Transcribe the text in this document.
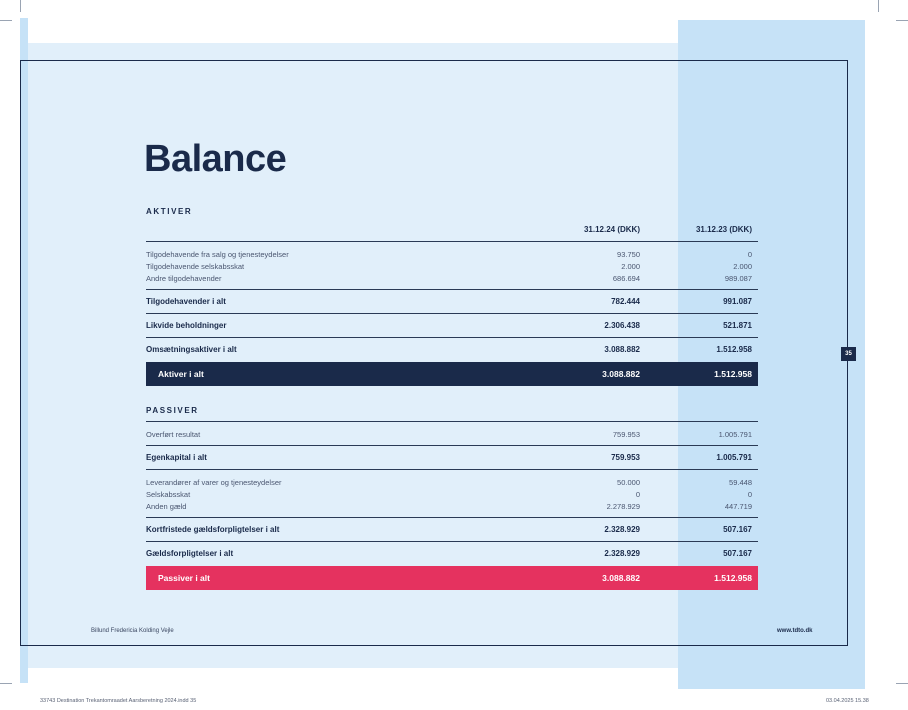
35
Balance
AKTIVER
31.12.24 (DKK)	31.12.23 (DKK)
Tilgodehavende fra salg og tjenesteydelser	93.750	0
Tilgodehavende selskabsskat	2.000	2.000
Andre tilgodehavender	686.694	989.087
Tilgodehavender i alt	782.444	991.087
Likvide beholdninger	2.306.438	521.871
Omsætningsaktiver i alt	3.088.882	1.512.958
Aktiver i alt	3.088.882	1.512.958
PASSIVER
Overført resultat	759.953	1.005.791
Egenkapital i alt	759.953	1.005.791
Leverandører af varer og tjenesteydelser	50.000	59.448
Selskabsskat	0	0
Anden gæld	2.278.929	447.719
Kortfristede gældsforpligtelser i alt	2.328.929	507.167
Gældsforpligtelser i alt	2.328.929	507.167
Passiver i alt	3.088.882	1.512.958
Billund Fredericia Kolding Vejle	www.tdto.dk
33743 Destination Trekantomraadet Aarsberetning 2024.indd 35	03.04.2025 15.38
